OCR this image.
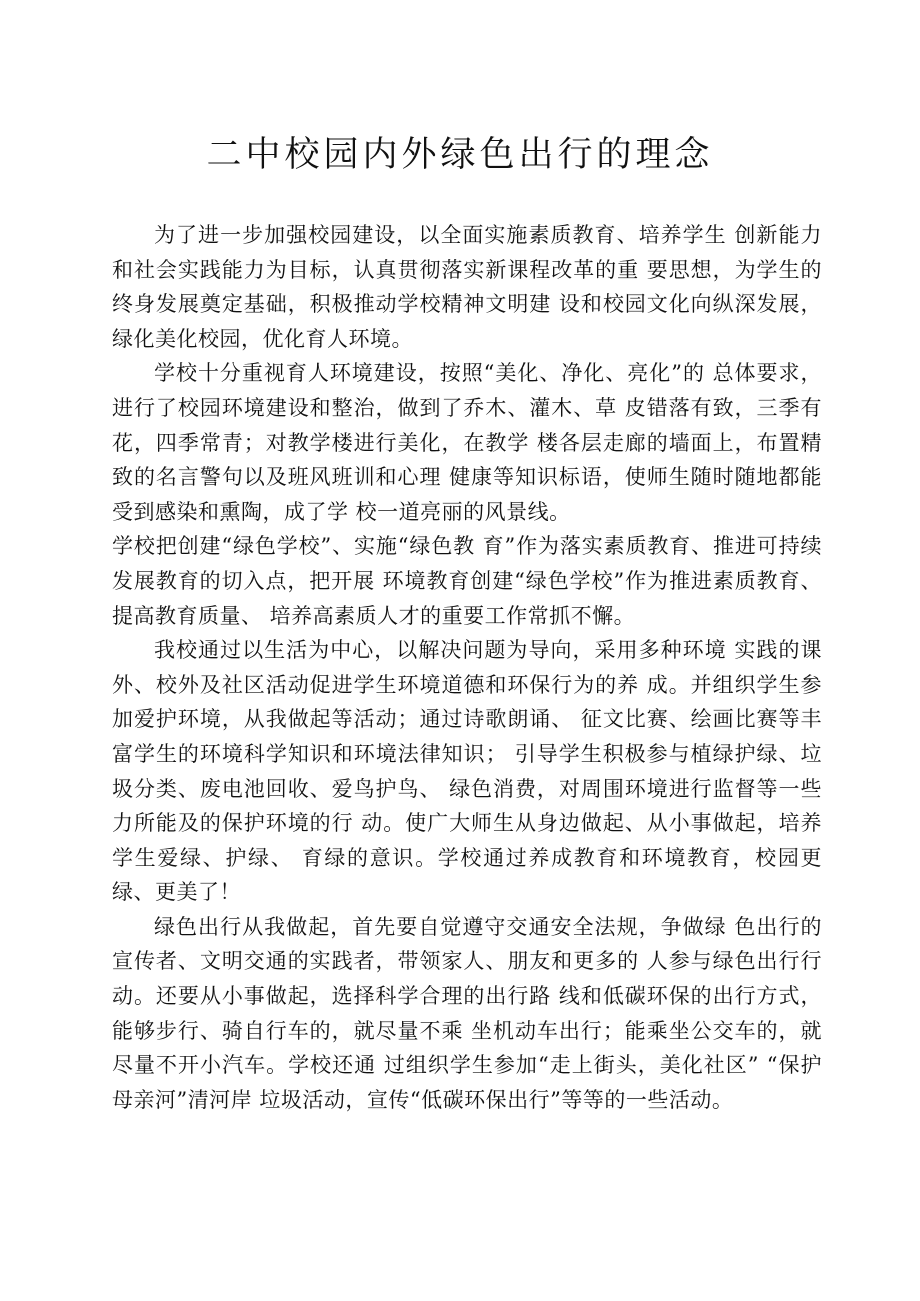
二中校园内外绿色出行的理念

为了进一步加强校园建设，以全面实施素质教育、培养学生 创新能力和社会实践能力为目标，认真贯彻落实新课程改革的重 要思想，为学生的终身发展奠定基础，积极推动学校精神文明建 设和校园文化向纵深发展，绿化美化校园，优化育人环境。

学校十分重视育人环境建设，按照“美化、净化、亮化”的 总体要求，进行了校园环境建设和整治，做到了乔木、灌木、草 皮错落有致，三季有花，四季常青；对教学楼进行美化，在教学 楼各层走廊的墙面上，布置精致的名言警句以及班风班训和心理 健康等知识标语，使师生随时随地都能受到感染和熏陶，成了学 校一道亮丽的风景线。

学校把创建“绿色学校”、实施“绿色教 育”作为落实素质教育、推进可持续发展教育的切入点，把开展 环境教育创建“绿色学校”作为推进素质教育、提高教育质量、 培养高素质人才的重要工作常抓不懈。

我校通过以生活为中心，以解决问题为导向，采用多种环境 实践的课外、校外及社区活动促进学生环境道德和环保行为的养 成。并组织学生参加爱护环境，从我做起等活动；通过诗歌朗诵、 征文比赛、绘画比赛等丰富学生的环境科学知识和环境法律知识； 引导学生积极参与植绿护绿、垃圾分类、废电池回收、爱鸟护鸟、 绿色消费，对周围环境进行监督等一些力所能及的保护环境的行 动。使广大师生从身边做起、从小事做起，培养学生爱绿、护绿、 育绿的意识。学校通过养成教育和环境教育，校园更绿、更美了！

绿色出行从我做起，首先要自觉遵守交通安全法规，争做绿 色出行的宣传者、文明交通的实践者，带领家人、朋友和更多的 人参与绿色出行行动。还要从小事做起，选择科学合理的出行路 线和低碳环保的出行方式，能够步行、骑自行车的，就尽量不乘 坐机动车出行；能乘坐公交车的，就尽量不开小汽车。学校还通 过组织学生参加“走上街头，美化社区” “保护母亲河”清河岸 垃圾活动，宣传“低碳环保出行”等等的一些活动。
